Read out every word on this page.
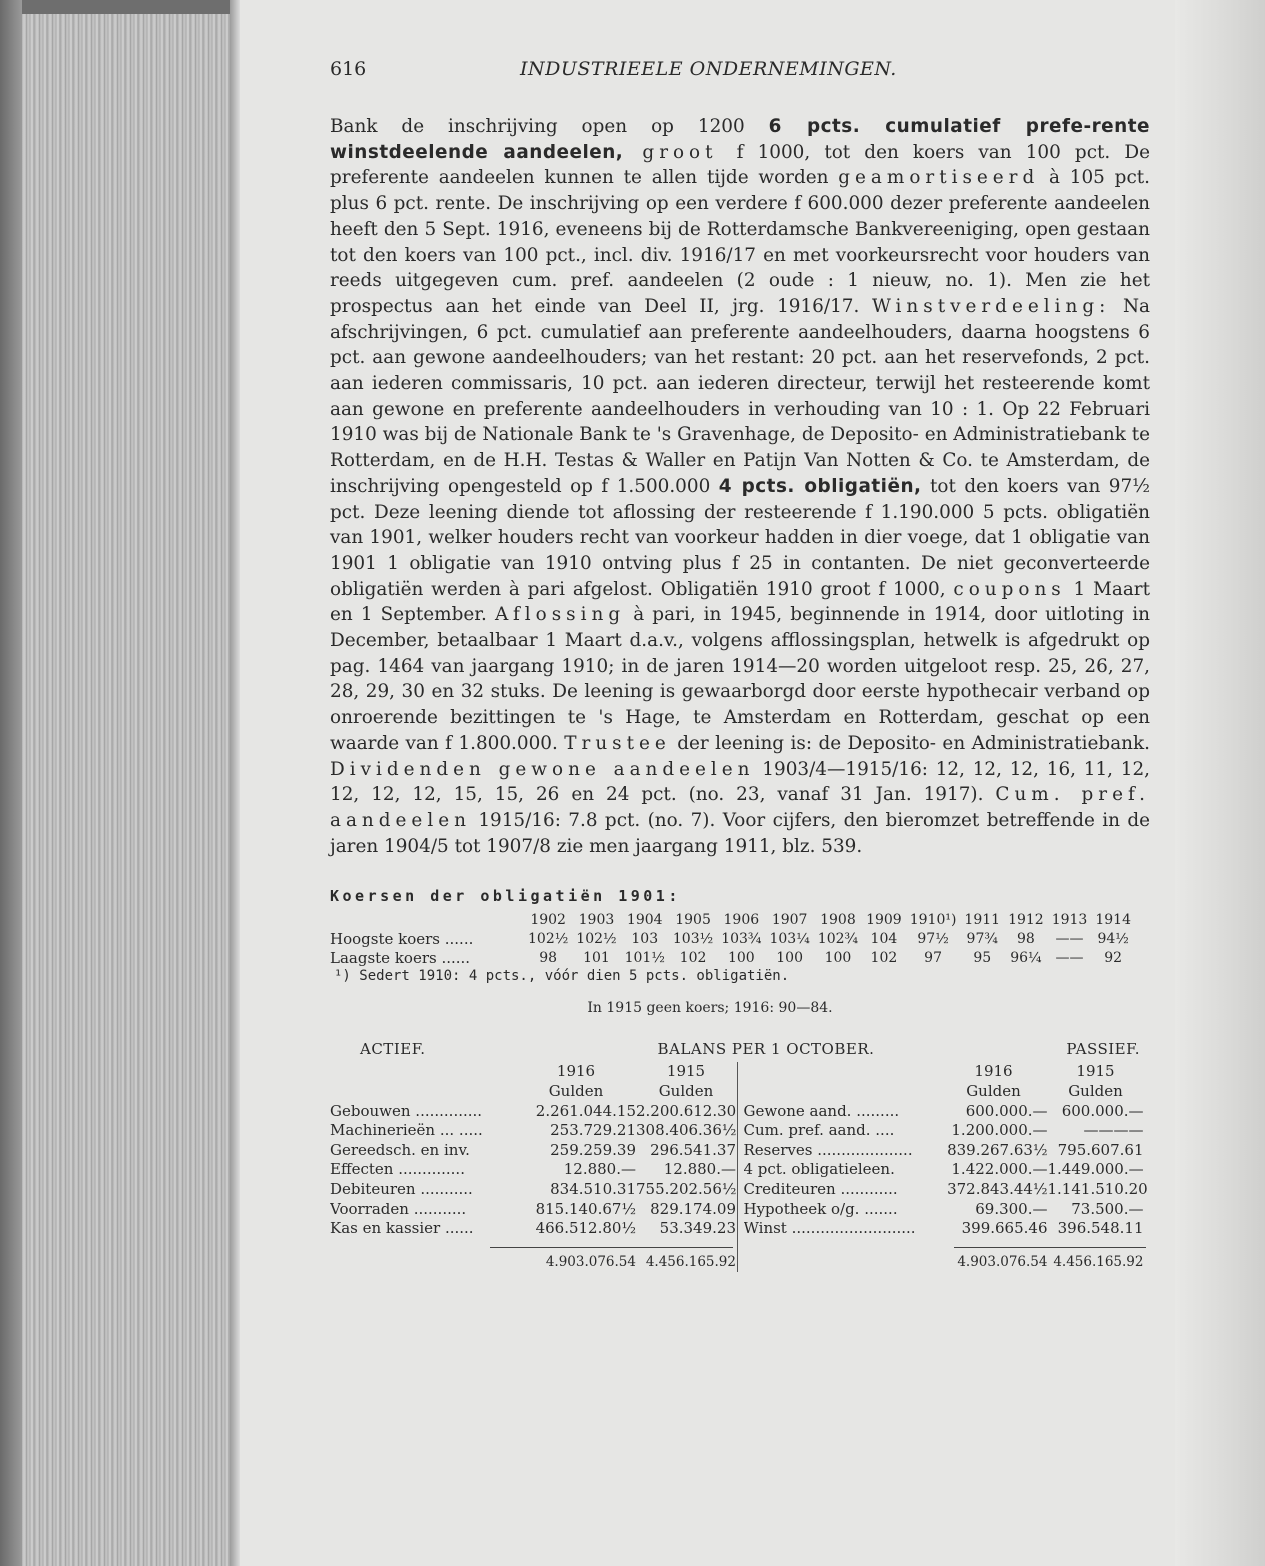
616	INDUSTRIEELE ONDERNEMINGEN.

Bank de inschrijving open op 1200 6 pcts. cumulatief prefe-rente winstdeelende aandeelen, groot f 1000, tot den koers van 100 pct. De preferente aandeelen kunnen te allen tijde worden geamortiseerd à 105 pct. plus 6 pct. rente. De inschrijving op een verdere f 600.000 dezer preferente aandeelen heeft den 5 Sept. 1916, eveneens bij de Rotterdamsche Bankvereeniging, open gestaan tot den koers van 100 pct., incl. div. 1916/17 en met voorkeursrecht voor houders van reeds uitgegeven cum. pref. aandeelen (2 oude : 1 nieuw, no. 1). Men zie het prospectus aan het einde van Deel II, jrg. 1916/17. Winstverdeeling: Na afschrijvingen, 6 pct. cumulatief aan preferente aandeelhouders, daarna hoogstens 6 pct. aan gewone aandeelhouders; van het restant: 20 pct. aan het reservefonds, 2 pct. aan iederen commissaris, 10 pct. aan iederen directeur, terwijl het resteerende komt aan gewone en preferente aandeelhouders in verhouding van 10 : 1. Op 22 Februari 1910 was bij de Nationale Bank te 's Gravenhage, de Deposito- en Administratiebank te Rotterdam, en de H.H. Testas & Waller en Patijn Van Notten & Co. te Amsterdam, de inschrijving opengesteld op f 1.500.000 4 pcts. obligatiën, tot den koers van 97½ pct. Deze leening diende tot aflossing der resteerende f 1.190.000 5 pcts. obligatiën van 1901, welker houders recht van voorkeur hadden in dier voege, dat 1 obligatie van 1901 1 obligatie van 1910 ontving plus f 25 in contanten. De niet geconverteerde obligatiën werden à pari afgelost. Obligatiën 1910 groot f 1000, coupons 1 Maart en 1 September. Aflossing à pari, in 1945, beginnende in 1914, door uitloting in December, betaalbaar 1 Maart d.a.v., volgens afflossingsplan, hetwelk is afgedrukt op pag. 1464 van jaargang 1910; in de jaren 1914—20 worden uitgeloot resp. 25, 26, 27, 28, 29, 30 en 32 stuks. De leening is gewaarborgd door eerste hypothecair verband op onroerende bezittingen te 's Hage, te Amsterdam en Rotterdam, geschat op een waarde van f 1.800.000. Trustee der leening is: de Deposito- en Administratiebank. Dividenden gewone aandeelen 1903/4—1915/16: 12, 12, 12, 16, 11, 12, 12, 12, 12, 15, 15, 26 en 24 pct. (no. 23, vanaf 31 Jan. 1917). Cum. pref. aandeelen 1915/16: 7.8 pct. (no. 7). Voor cijfers, den bieromzet betreffende in de jaren 1904/5 tot 1907/8 zie men jaargang 1911, blz. 539.

Koersen der obligatiën 1901:
	1902	1903	1904	1905	1906	1907	1908	1909	1910¹)	1911	1912	1913	1914
Hoogste koers ......	102½	102½	103	103½	103¾	103¼	102¾	104	97½	97¾	98	——	94½
Laagste koers ......	98	101	101½	102	100	100	100	102	97	95	96¼	——	92
¹) Sedert 1910: 4 pcts., vóór dien 5 pcts. obligatiën.
In 1915 geen koers; 1916: 90—84.
ACTIEF.	BALANS PER 1 OCTOBER.	PASSIEF.
1916	1915
Gulden	Gulden
Gebouwen ..............	2.261.044.15 2.200.612.30
Machinerieën ... .....	253.729.21 308.406.36½
Gereedsch. en inv.	259.259.39 296.541.37
Effecten ..............	12.880.—	12.880.—
Debiteuren ...........	834.510.31 755.202.56½
Voorraden ...........	815.140.67½ 829.174.09
Kas en kassier ......	466.512.80½	53.349.23
4.903.076.54 4.456.165.92
1916	1915
Gulden	Gulden
Gewone aand. .........	600.000.— 600.000.—
Cum. pref. aand. ....	1.200.000.—	————
Reserves ....................	839.267.63½ 795.607.61
4 pct. obligatieleen.	1.422.000.— 1.449.000.—
Crediteuren ............	372.843.44½ 1.141.510.20
Hypotheek o/g. .......	69.300.—	73.500.—
Winst ..........................	399.665.46 396.548.11
4.903.076.54 4.456.165.92
